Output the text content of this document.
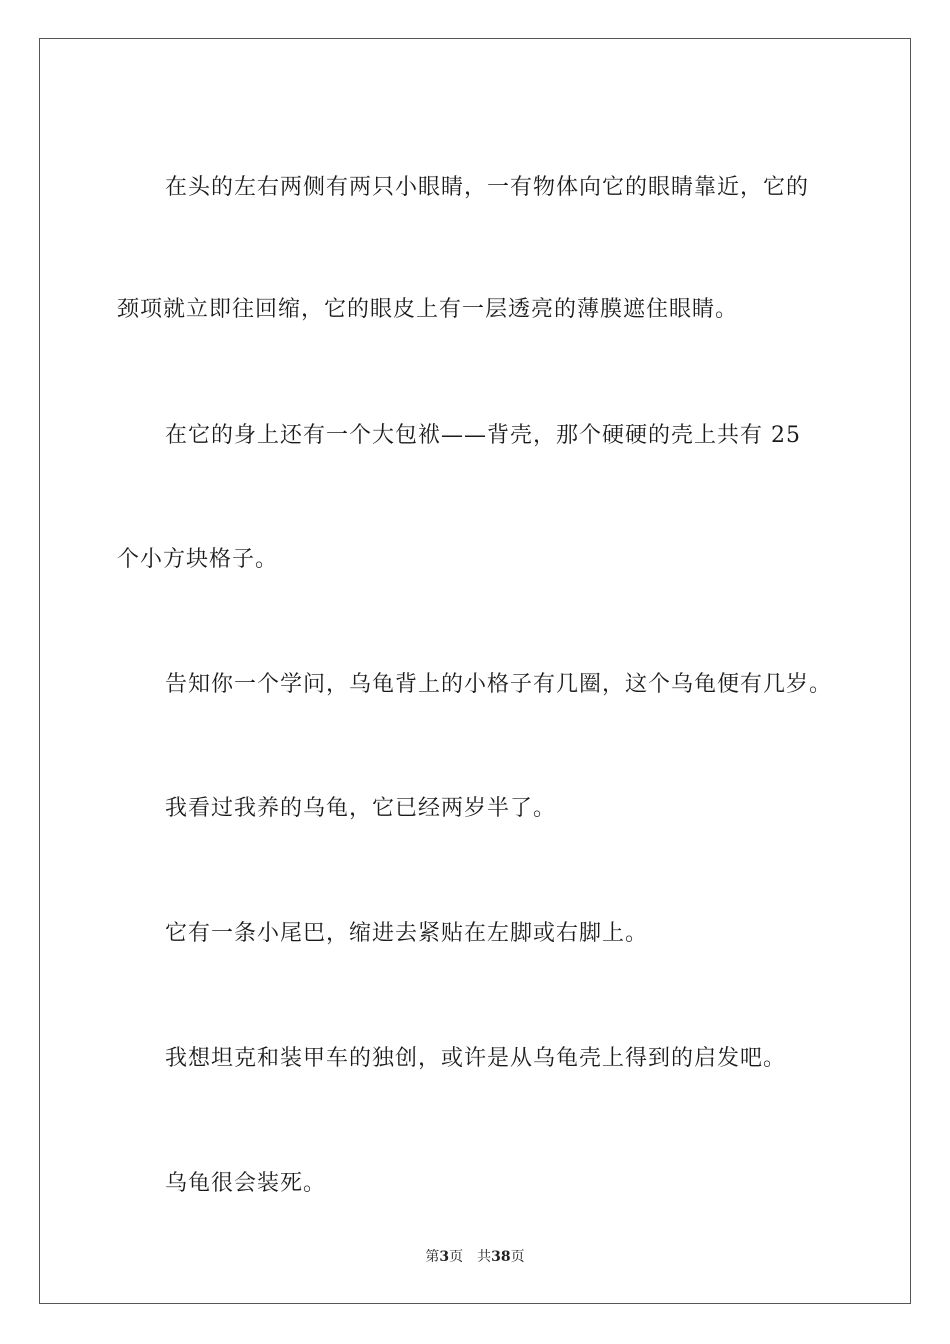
在头的左右两侧有两只小眼睛，一有物体向它的眼睛靠近，它的
颈项就立即往回缩，它的眼皮上有一层透亮的薄膜遮住眼睛。
在它的身上还有一个大包袱——背壳，那个硬硬的壳上共有 25
个小方块格子。
告知你一个学问，乌龟背上的小格子有几圈，这个乌龟便有几岁。
我看过我养的乌龟，它已经两岁半了。
它有一条小尾巴，缩进去紧贴在左脚或右脚上。
我想坦克和装甲车的独创，或许是从乌龟壳上得到的启发吧。
乌龟很会装死。
第3页 共38页
